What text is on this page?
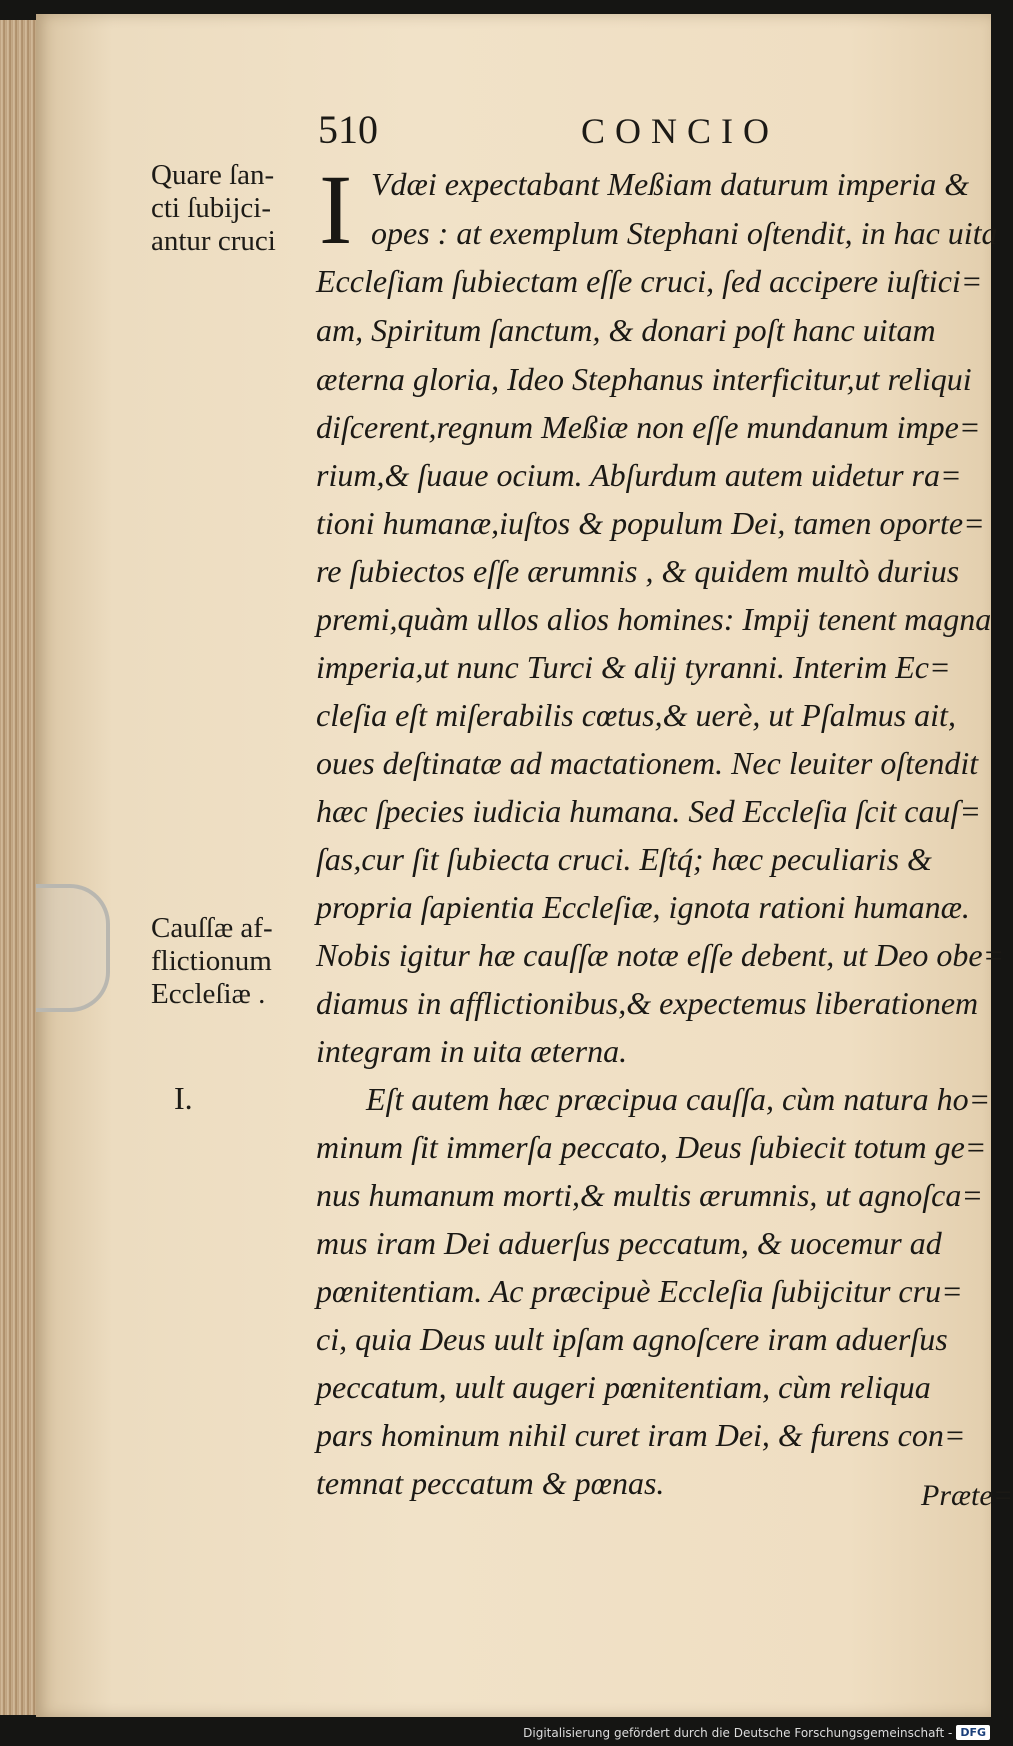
510	CONCIO
Quare ſan-
cti ſubijci-
antur cruci
Cauſſæ af-
flictionum
Eccleſiæ .
I.
I Vdæi expectabant Meßiam daturum imperia &
opes : at exemplum Stephani oſtendit, in hac uita
Eccleſiam ſubiectam eſſe cruci, ſed accipere iuſtici=
am, Spiritum ſanctum, & donari poſt hanc uitam
æterna gloria, Ideo Stephanus interficitur,ut reliqui
diſcerent,regnum Meßiæ non eſſe mundanum impe=
rium,& ſuaue ocium. Abſurdum autem uidetur ra=
tioni humanæ,iuſtos & populum Dei, tamen oporte=
re ſubiectos eſſe ærumnis , & quidem multò durius
premi,quàm ullos alios homines: Impij tenent magna
imperia,ut nunc Turci & alij tyranni. Interim Ec=
cleſia eſt miſerabilis cœtus,& uerè, ut Pſalmus ait,
oues deſtinatæ ad mactationem. Nec leuiter oſtendit
hæc ſpecies iudicia humana. Sed Eccleſia ſcit cauſ=
ſas,cur ſit ſubiecta cruci. Eſtq́; hæc peculiaris &
propria ſapientia Eccleſiæ, ignota rationi humanæ.
Nobis igitur hæ cauſſæ notæ eſſe debent, ut Deo obe=
diamus in afflictionibus,& expectemus liberationem
integram in uita æterna.
Eſt autem hæc præcipua cauſſa, cùm natura ho=
minum ſit immerſa peccato, Deus ſubiecit totum ge=
nus humanum morti,& multis ærumnis, ut agnoſca=
mus iram Dei aduerſus peccatum, & uocemur ad
pœnitentiam. Ac præcipuè Eccleſia ſubijcitur cru=
ci, quia Deus uult ipſam agnoſcere iram aduerſus
peccatum, uult augeri pœnitentiam, cùm reliqua
pars hominum nihil curet iram Dei, & furens con=
temnat peccatum & pœnas.	Præte=
Digitalisierung gefördert durch die Deutsche Forschungsgemeinschaft - DFG
